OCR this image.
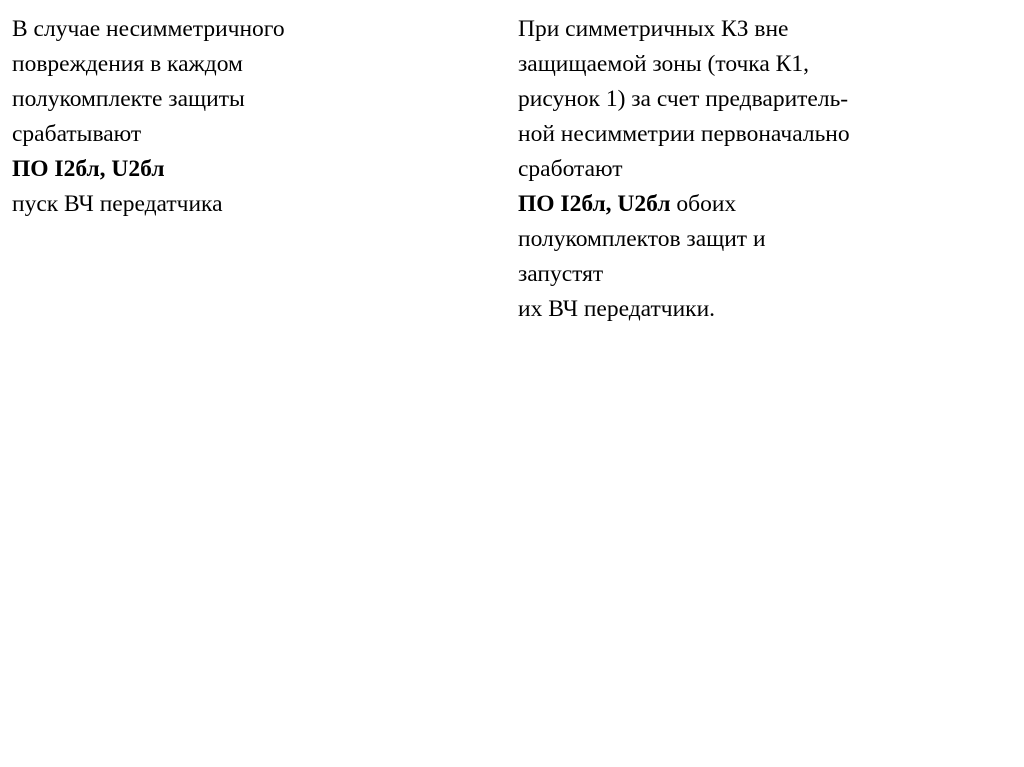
В случае несимметричного
повреждения в каждом
полукомплекте защиты
срабатывают
ПО I2бл, U2бл
пуск ВЧ передатчика
При симметричных КЗ вне
защищаемой зоны (точка К1,
рисунок 1) за счет предваритель-
ной несимметрии первоначально
сработают
ПО I2бл, U2бл обоих
полукомплектов защит и
запустят
их ВЧ передатчики.
